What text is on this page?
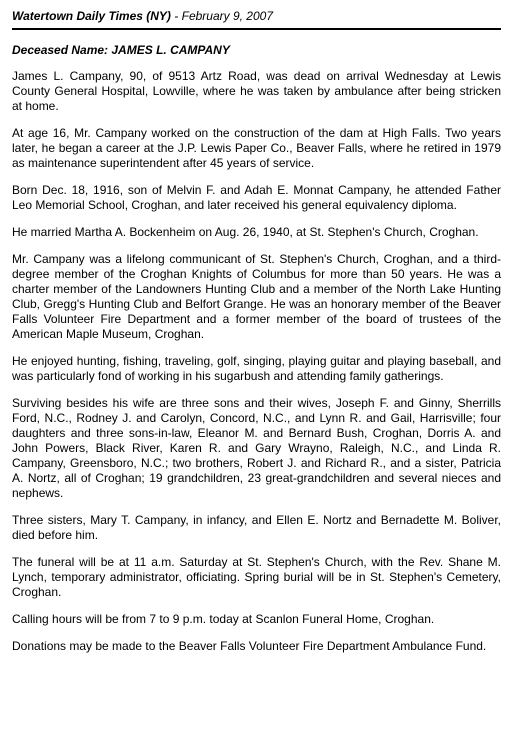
Watertown Daily Times (NY) - February 9, 2007
Deceased Name: JAMES L. CAMPANY

James L. Campany, 90, of 9513 Artz Road, was dead on arrival Wednesday at Lewis County General Hospital, Lowville, where he was taken by ambulance after being stricken at home.

At age 16, Mr. Campany worked on the construction of the dam at High Falls. Two years later, he began a career at the J.P. Lewis Paper Co., Beaver Falls, where he retired in 1979 as maintenance superintendent after 45 years of service.

Born Dec. 18, 1916, son of Melvin F. and Adah E. Monnat Campany, he attended Father Leo Memorial School, Croghan, and later received his general equivalency diploma.

He married Martha A. Bockenheim on Aug. 26, 1940, at St. Stephen's Church, Croghan.

Mr. Campany was a lifelong communicant of St. Stephen's Church, Croghan, and a third-degree member of the Croghan Knights of Columbus for more than 50 years. He was a charter member of the Landowners Hunting Club and a member of the North Lake Hunting Club, Gregg's Hunting Club and Belfort Grange. He was an honorary member of the Beaver Falls Volunteer Fire Department and a former member of the board of trustees of the American Maple Museum, Croghan.

He enjoyed hunting, fishing, traveling, golf, singing, playing guitar and playing baseball, and was particularly fond of working in his sugarbush and attending family gatherings.

Surviving besides his wife are three sons and their wives, Joseph F. and Ginny, Sherrills Ford, N.C., Rodney J. and Carolyn, Concord, N.C., and Lynn R. and Gail, Harrisville; four daughters and three sons-in-law, Eleanor M. and Bernard Bush, Croghan, Dorris A. and John Powers, Black River, Karen R. and Gary Wrayno, Raleigh, N.C., and Linda R. Campany, Greensboro, N.C.; two brothers, Robert J. and Richard R., and a sister, Patricia A. Nortz, all of Croghan; 19 grandchildren, 23 great-grandchildren and several nieces and nephews.

Three sisters, Mary T. Campany, in infancy, and Ellen E. Nortz and Bernadette M. Boliver, died before him.

The funeral will be at 11 a.m. Saturday at St. Stephen's Church, with the Rev. Shane M. Lynch, temporary administrator, officiating. Spring burial will be in St. Stephen's Cemetery, Croghan.

Calling hours will be from 7 to 9 p.m. today at Scanlon Funeral Home, Croghan.

Donations may be made to the Beaver Falls Volunteer Fire Department Ambulance Fund.
